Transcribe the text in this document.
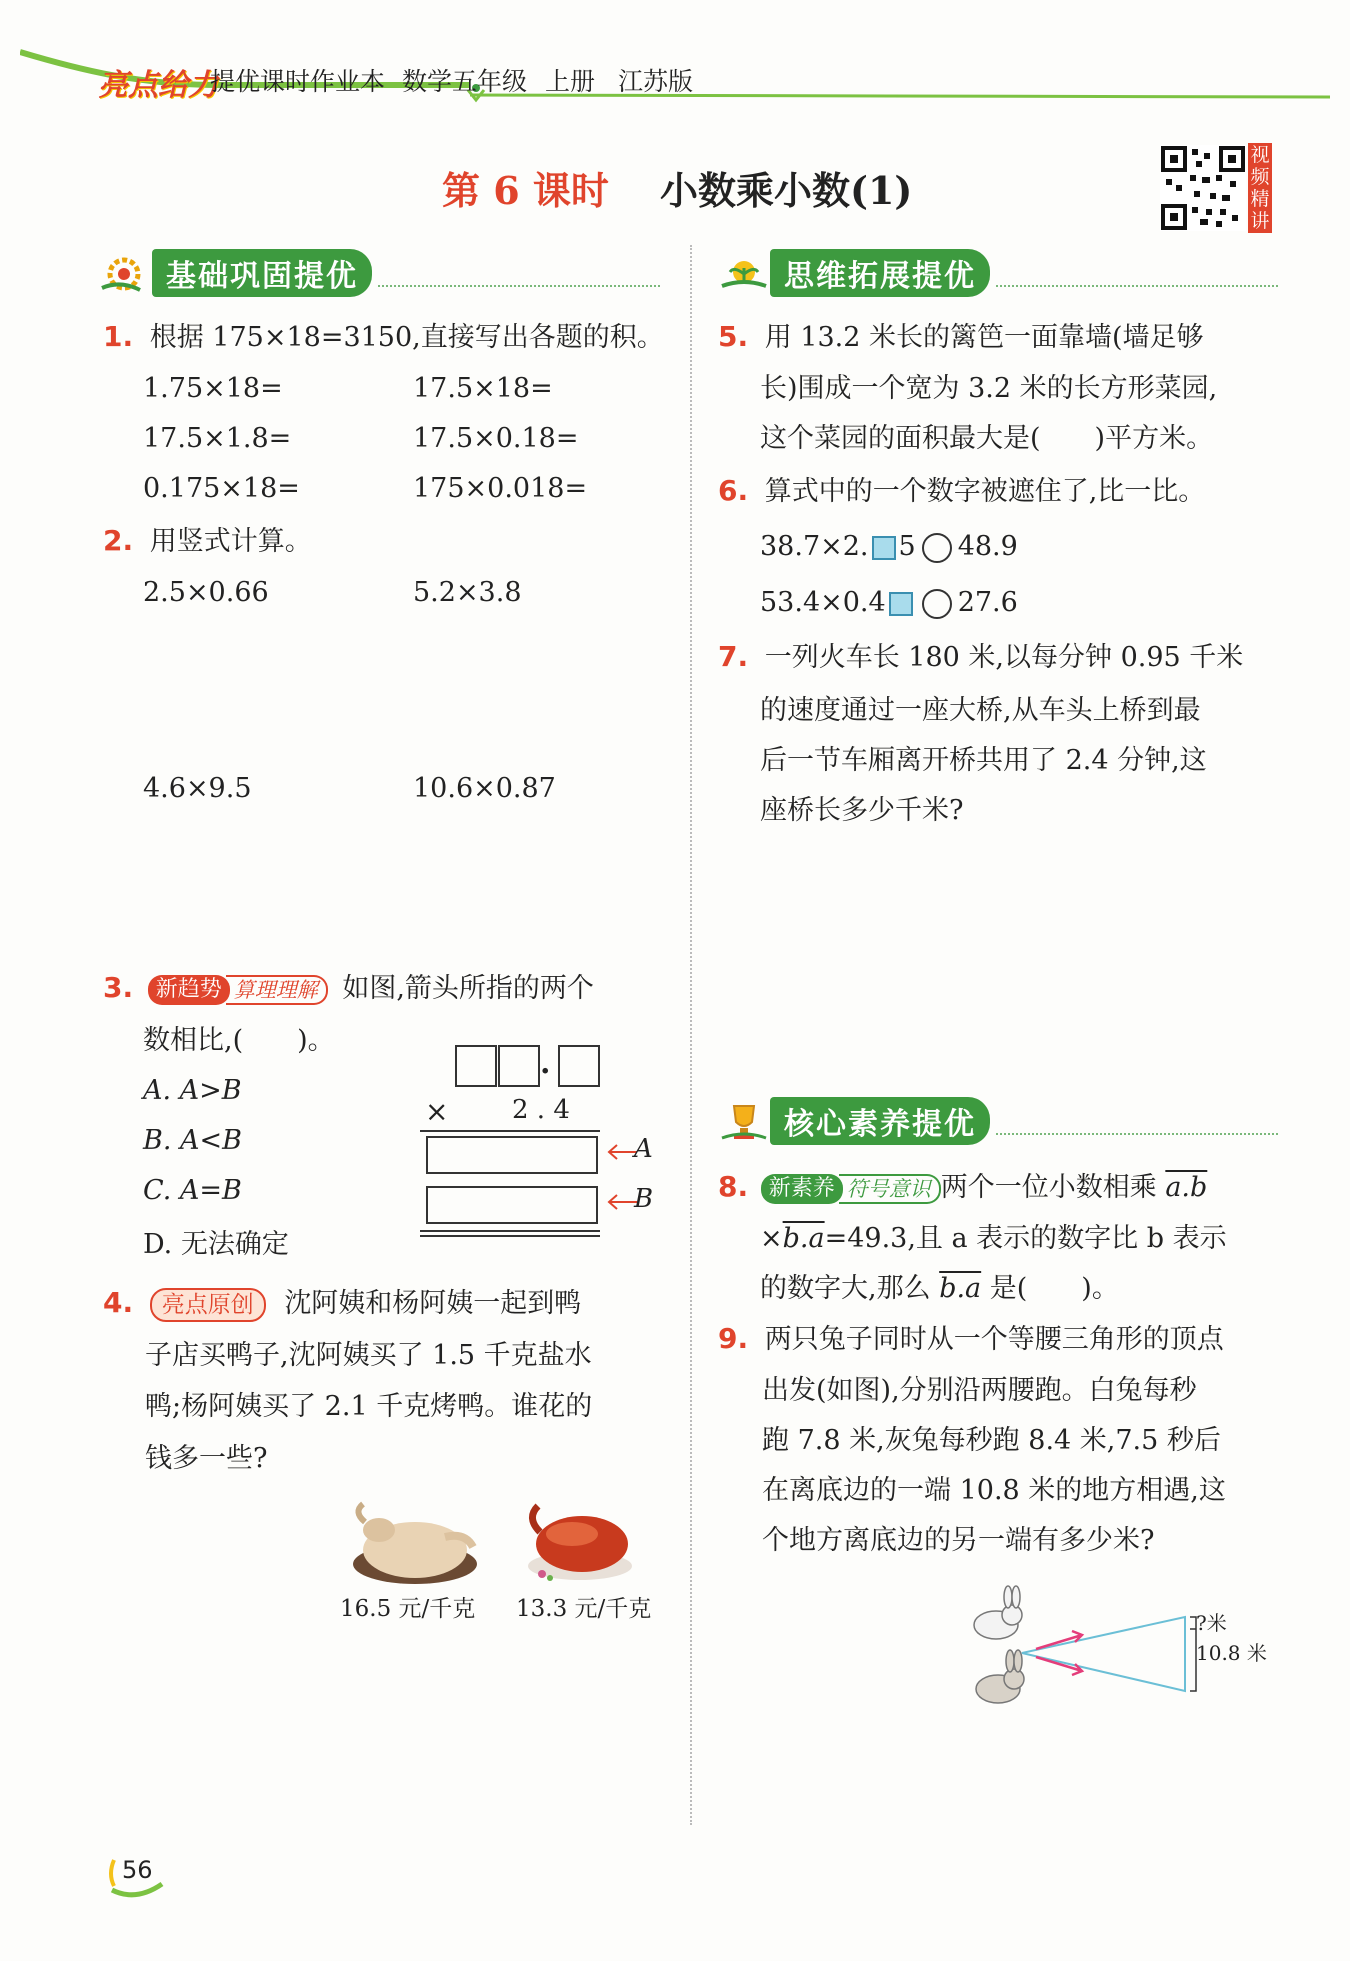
亮点给力
提优课时作业本 数学五年级 上册 江苏版
第 6 课时 小数乘小数(1)
视频精讲
基础巩固提优
1. 根据 175×18=3150,直接写出各题的积。
1.75×18=	17.5×18=
17.5×1.8=	17.5×0.18=
0.175×18=	175×0.018=
2. 用竖式计算。
2.5×0.66	5.2×3.8
4.6×9.5	10.6×0.87
3. 新趋势 算理理解 如图,箭头所指的两个
数相比,(　　)。
A. A>B
B. A<B
C. A=B
D. 无法确定
.
× 2 . 4
A
B
4. 亮点原创 沈阿姨和杨阿姨一起到鸭
子店买鸭子,沈阿姨买了 1.5 千克盐水
鸭;杨阿姨买了 2.1 千克烤鸭。谁花的
钱多一些?
16.5 元/千克 13.3 元/千克
思维拓展提优
5. 用 13.2 米长的篱笆一面靠墙(墙足够
长)围成一个宽为 3.2 米的长方形菜园,
这个菜园的面积最大是(　　)平方米。
6. 算式中的一个数字被遮住了,比一比。
38.7×2. 5 48.9
53.4×0.4	27.6
7. 一列火车长 180 米,以每分钟 0.95 千米
的速度通过一座大桥,从车头上桥到最
后一节车厢离开桥共用了 2.4 分钟,这
座桥长多少千米?
核心素养提优
8. 新素养 符号意识 两个一位小数相乘 a.b
×b.a=49.3,且 a 表示的数字比 b 表示
的数字大,那么 b.a 是(　　)。
9. 两只兔子同时从一个等腰三角形的顶点
出发(如图),分别沿两腰跑。白兔每秒
跑 7.8 米,灰兔每秒跑 8.4 米,7.5 秒后
在离底边的一端 10.8 米的地方相遇,这
个地方离底边的另一端有多少米?
?米
10.8 米
56
